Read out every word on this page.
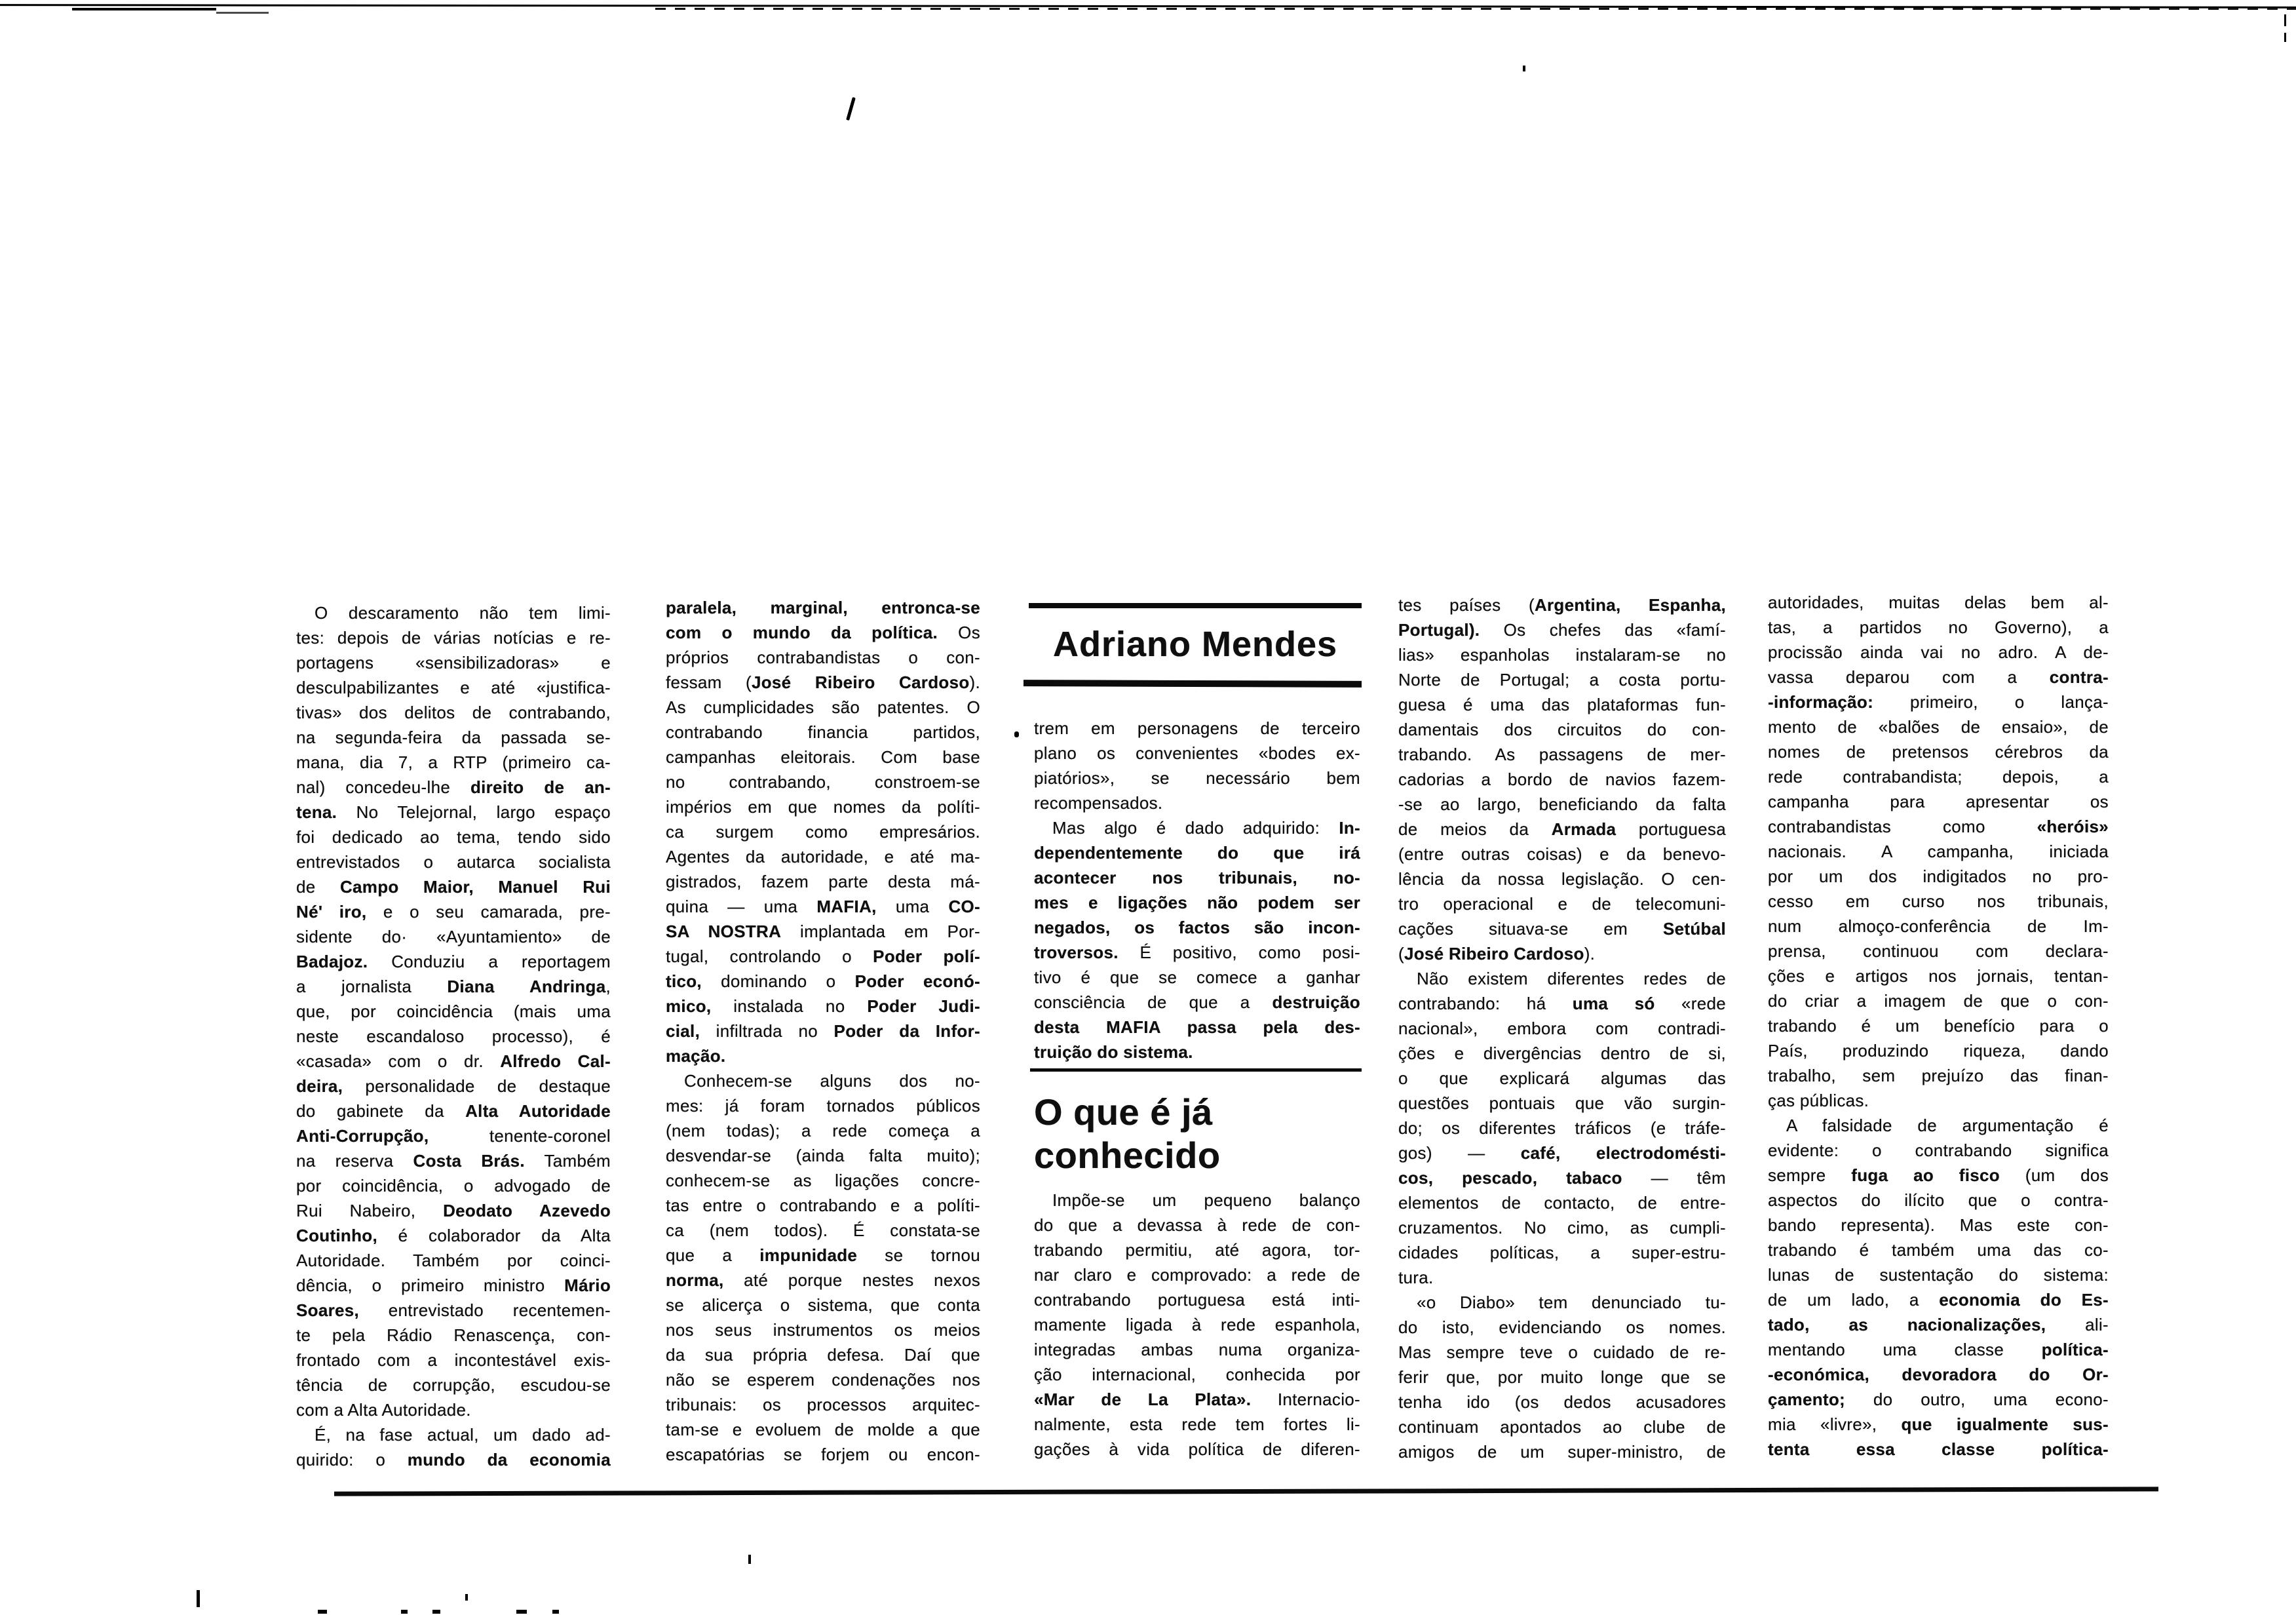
O descaramento não tem limi-
tes: depois de várias notícias e re-
portagens «sensibilizadoras» e
desculpabilizantes e até «justifica-
tivas» dos delitos de contrabando,
na segunda-feira da passada se-
mana, dia 7, a RTP (primeiro ca-
nal) concedeu-lhe direito de an-
tena. No Telejornal, largo espaço
foi dedicado ao tema, tendo sido
entrevistados o autarca socialista
de Campo Maior, Manuel Rui
Né' iro, e o seu camarada, pre-
sidente do· «Ayuntamiento» de
Badajoz. Conduziu a reportagem
a jornalista Diana Andringa,
que, por coincidência (mais uma
neste escandaloso processo), é
«casada» com o dr. Alfredo Cal-
deira, personalidade de destaque
do gabinete da Alta Autoridade
Anti-Corrupção, tenente-coronel
na reserva Costa Brás. Também
por coincidência, o advogado de
Rui Nabeiro, Deodato Azevedo
Coutinho, é colaborador da Alta
Autoridade. Também por coinci-
dência, o primeiro ministro Mário
Soares, entrevistado recentemen-
te pela Rádio Renascença, con-
frontado com a incontestável exis-
tência de corrupção, escudou-se
com a Alta Autoridade.
É, na fase actual, um dado ad-
quirido: o mundo da economia
paralela, marginal, entronca-se
com o mundo da política. Os
próprios contrabandistas o con-
fessam (José Ribeiro Cardoso).
As cumplicidades são patentes. O
contrabando financia partidos,
campanhas eleitorais. Com base
no contrabando, constroem-se
impérios em que nomes da políti-
ca surgem como empresários.
Agentes da autoridade, e até ma-
gistrados, fazem parte desta má-
quina — uma MAFIA, uma CO-
SA NOSTRA implantada em Por-
tugal, controlando o Poder polí-
tico, dominando o Poder econó-
mico, instalada no Poder Judi-
cial, infiltrada no Poder da Infor-
mação.
Conhecem-se alguns dos no-
mes: já foram tornados públicos
(nem todas); a rede começa a
desvendar-se (ainda falta muito);
conhecem-se as ligações concre-
tas entre o contrabando e a políti-
ca (nem todos). É constata-se
que a impunidade se tornou
norma, até porque nestes nexos
se alicerça o sistema, que conta
nos seus instrumentos os meios
da sua própria defesa. Daí que
não se esperem condenações nos
tribunais: os processos arquitec-
tam-se e evoluem de molde a que
escapatórias se forjem ou encon-
Adriano Mendes
trem em personagens de terceiro
plano os convenientes «bodes ex-
piatórios», se necessário bem
recompensados.
Mas algo é dado adquirido: In-
dependentemente do que irá
acontecer nos tribunais, no-
mes e ligações não podem ser
negados, os factos são incon-
troversos. É positivo, como posi-
tivo é que se comece a ganhar
consciência de que a destruição
desta MAFIA passa pela des-
truição do sistema.
O que é já
conhecido
Impõe-se um pequeno balanço
do que a devassa à rede de con-
trabando permitiu, até agora, tor-
nar claro e comprovado: a rede de
contrabando portuguesa está inti-
mamente ligada à rede espanhola,
integradas ambas numa organiza-
ção internacional, conhecida por
«Mar de La Plata». Internacio-
nalmente, esta rede tem fortes li-
gações à vida política de diferen-
tes países (Argentina, Espanha,
Portugal). Os chefes das «famí-
lias» espanholas instalaram-se no
Norte de Portugal; a costa portu-
guesa é uma das plataformas fun-
damentais dos circuitos do con-
trabando. As passagens de mer-
cadorias a bordo de navios fazem-
-se ao largo, beneficiando da falta
de meios da Armada portuguesa
(entre outras coisas) e da benevo-
lência da nossa legislação. O cen-
tro operacional e de telecomuni-
cações situava-se em Setúbal
(José Ribeiro Cardoso).
Não existem diferentes redes de
contrabando: há uma só «rede
nacional», embora com contradi-
ções e divergências dentro de si,
o que explicará algumas das
questões pontuais que vão surgin-
do; os diferentes tráficos (e tráfe-
gos) — café, electrodomésti-
cos, pescado, tabaco — têm
elementos de contacto, de entre-
cruzamentos. No cimo, as cumpli-
cidades políticas, a super-estru-
tura.
«o Diabo» tem denunciado tu-
do isto, evidenciando os nomes.
Mas sempre teve o cuidado de re-
ferir que, por muito longe que se
tenha ido (os dedos acusadores
continuam apontados ao clube de
amigos de um super-ministro, de
autoridades, muitas delas bem al-
tas, a partidos no Governo), a
procissão ainda vai no adro. A de-
vassa deparou com a contra-
-informação: primeiro, o lança-
mento de «balões de ensaio», de
nomes de pretensos cérebros da
rede contrabandista; depois, a
campanha para apresentar os
contrabandistas como «heróis»
nacionais. A campanha, iniciada
por um dos indigitados no pro-
cesso em curso nos tribunais,
num almoço-conferência de Im-
prensa, continuou com declara-
ções e artigos nos jornais, tentan-
do criar a imagem de que o con-
trabando é um benefício para o
País, produzindo riqueza, dando
trabalho, sem prejuízo das finan-
ças públicas.
A falsidade de argumentação é
evidente: o contrabando significa
sempre fuga ao fisco (um dos
aspectos do ilícito que o contra-
bando representa). Mas este con-
trabando é também uma das co-
lunas de sustentação do sistema:
de um lado, a economia do Es-
tado, as nacionalizações, ali-
mentando uma classe política-
-económica, devoradora do Or-
çamento; do outro, uma econo-
mia «livre», que igualmente sus-
tenta essa classe política-
